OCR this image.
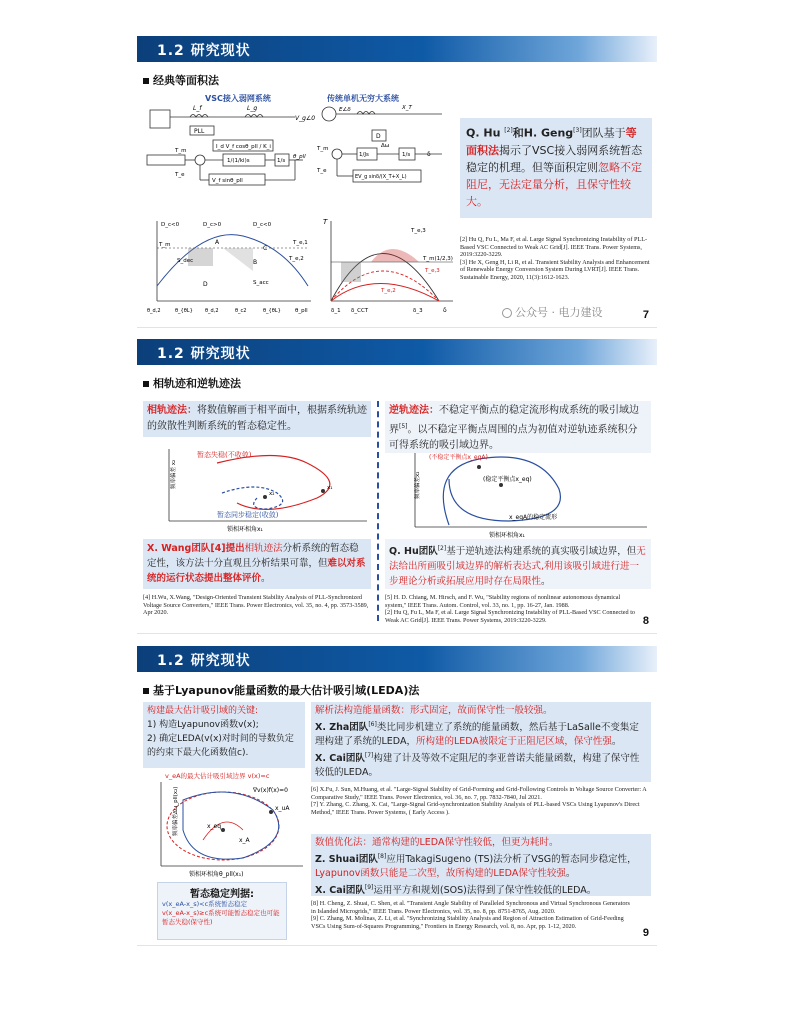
1.2 研究现状
经典等面积法
VSC接入弱网系统
L_f	L_g
V_g∠0
PLL
I_d V_f cosθ_pll / K_i
1/(1/ki)s	1/s
θ_pll
T_m
T_e
V_f sinθ_pll
传统单机无穷大系统
E∠δ	X_T
D
1/Js	1/s
Δω
δ
T_m
T_e
EV_g sinδ/(X_T+X_L)
D_c<0	D_c>0	D_c<0
T_m	T_e,1
T_e,2
S_dec
S_acc
A
B
C
D
θ_d,2	θ_{θL} θ_d,2	θ_c2	θ_{θL}	θ_pll
T
T_e,3
T_m(1/2,3)
T_e,3
T_e,2
δ_1 δ_CCT	δ_3	δ
Q. Hu [2]和H. Geng[3]团队基于等面积法揭示了VSC接入弱网系统暂态稳定的机理。但等面积定则忽略不定阻尼，无法定量分析，且保守性较大。
[2] Hu Q, Fu L, Ma F, et al. Large Signal Synchronizing Instability of PLL-Based VSC Connected to Weak AC Grid[J]. IEEE Trans. Power Systems, 2019:3220-3229.
[3] He X, Geng H, Li R, et al. Transient Stability Analysis and Enhancement of Renewable Energy Conversion System During LVRT[J]. IEEE Trans. Sustainable Energy, 2020, 11(3):1612-1623.
公众号 · 电力建设	7
1.2 研究现状
相轨迹和逆轨迹法
相轨迹法：将数值解画于相平面中，根据系统轨迹的敛散性判断系统的暂态稳定性。
逆轨迹法：不稳定平衡点的稳定流形构成系统的吸引域边界[5]。以不稳定平衡点周围的点为初值对逆轨迹系统积分可得系统的吸引域边界。
暂态失稳(不收敛)
暂态同步稳定(收敛)
x₂
x₁
频率偏差 x₂
锁相环相角x₁
(不稳定平衡点x_eqA)
(稳定平衡点x_eq)
x_eqA的稳定流形
频率偏差x₂
锁相环相角x₁
X. Wang团队[4]提出相轨迹法分析系统的暂态稳定性，该方法十分直观且分析结果可靠，但难以对系统的运行状态提出整体评价。
Q. Hu团队[2]基于逆轨迹法构建系统的真实吸引域边界，但无法给出所画吸引域边界的解析表达式,利用该吸引域进行进一步理论分析或拓展应用时存在局限性。
[4] H.Wu, X.Wang, "Design-Oriented Transient Stability Analysis of PLL-Synchronized Voltage Source Converters," IEEE Trans. Power Electronics, vol. 35, no. 4, pp. 3573-3589, Apr 2020.
[5] H. D. Chiang, M. Hirsch, and F. Wu, "Stability regions of nonlinear autonomous dynamical system," IEEE Trans. Autom. Control, vol. 33, no. 1, pp. 16-27, Jan. 1988.
[2] Hu Q, Fu L, Ma F, et al. Large Signal Synchronizing Instability of PLL-Based VSC Connected to Weak AC Grid[J]. IEEE Trans. Power Systems, 2019:3220-3229.	8
1.2 研究现状
基于Lyapunov能量函数的最大估计吸引域(LEDA)法
构建最大估计吸引域的关键:
1) 构造Lyapunov函数v(x);
2) 确定LEDA(v(x)对时间的导数负定的约束下最大化函数值c).
v_eA的最大估计吸引域边界 v(x)=c
∇v(x)f(x)=0
x_eq
x_uA
x_A
频率偏差Δω_pll(x₂)
锁相环相角θ_pll(x₁)
暂态稳定判据:
v(x_eA-x_s)<c系统暂态稳定
v(x_eA-x_s)≥c系统可能暂态稳定也可能暂态失稳(保守性)
解析法构造能量函数：形式固定，故而保守性一般较强。
X. Zha团队[6]类比同步机建立了系统的能量函数，然后基于LaSalle不变集定理构建了系统的LEDA，所构建的LEDA被限定于正阻尼区域，保守性强。
X. Cai团队[7]构建了计及等效不定阻尼的李亚普诺夫能量函数，构建了保守性较低的LEDA。
[6] X.Fu, J. Sun, M.Huang, et al. "Large-Signal Stability of Grid-Forming and Grid-Following Controls in Voltage Source Converter: A Comparative Study," IEEE Trans. Power Electronics, vol. 36, no. 7, pp. 7832-7840, Jul 2021.
[7] Y. Zhang, C. Zhang, X. Cai, "Large-Signal Grid-synchronization Stability Analysis of PLL-based VSCs Using Lyapunov's Direct Method," IEEE Trans. Power Systems, ( Early Access ).
数值优化法：通常构建的LEDA保守性较低，但更为耗时。
Z. Shuai团队[8]应用TakagiSugeno (TS)法分析了VSG的暂态同步稳定性，Lyapunov函数只能是二次型，故所构建的LEDA保守性较强。
X. Cai团队[9]运用平方和规划(SOS)法得到了保守性较低的LEDA。
[8] H. Cheng, Z. Shuai, C. Shen, et al. "Transient Angle Stability of Paralleled Synchronous and Virtual Synchronous Generators in Islanded Microgrids," IEEE Trans. Power Electronics, vol. 35, no. 8, pp. 8751-8765, Aug. 2020.
[9] C. Zhang, M. Molinas, Z. Li, et al. "Synchronizing Stability Analysis and Region of Attraction Estimation of Grid-Feeding VSCs Using Sum-of-Squares Programming," Frontiers in Energy Research, vol. 8, no. Apr, pp. 1-12, 2020.
9
